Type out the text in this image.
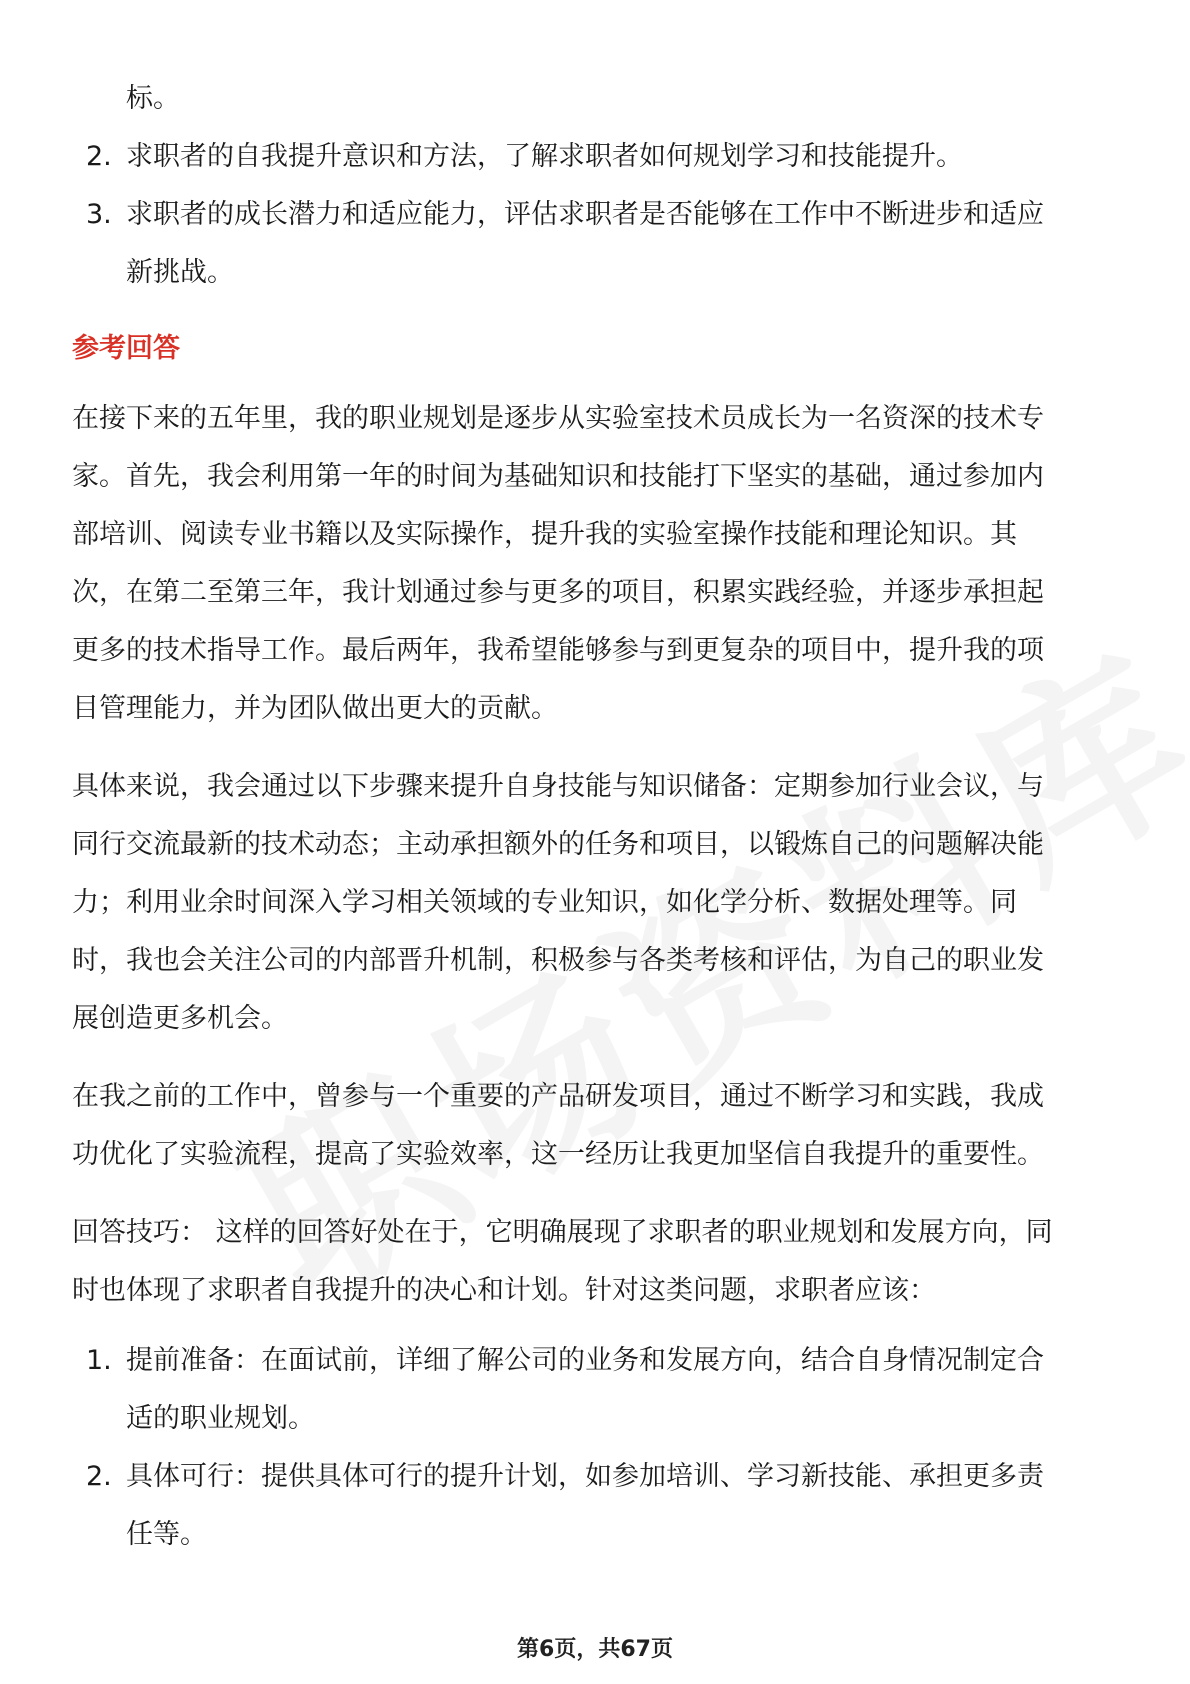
标。
2. 求职者的自我提升意识和方法，了解求职者如何规划学习和技能提升。
3. 求职者的成长潜力和适应能力，评估求职者是否能够在工作中不断进步和适应
新挑战。
参考回答
在接下来的五年里，我的职业规划是逐步从实验室技术员成长为一名资深的技术专
家。首先，我会利用第一年的时间为基础知识和技能打下坚实的基础，通过参加内
部培训、阅读专业书籍以及实际操作，提升我的实验室操作技能和理论知识。其
次，在第二至第三年，我计划通过参与更多的项目，积累实践经验，并逐步承担起
更多的技术指导工作。最后两年，我希望能够参与到更复杂的项目中，提升我的项
目管理能力，并为团队做出更大的贡献。
具体来说，我会通过以下步骤来提升自身技能与知识储备：定期参加行业会议，与
同行交流最新的技术动态；主动承担额外的任务和项目，以锻炼自己的问题解决能
力；利用业余时间深入学习相关领域的专业知识，如化学分析、数据处理等。同
时，我也会关注公司的内部晋升机制，积极参与各类考核和评估，为自己的职业发
展创造更多机会。
在我之前的工作中，曾参与一个重要的产品研发项目，通过不断学习和实践，我成
功优化了实验流程，提高了实验效率，这一经历让我更加坚信自我提升的重要性。
回答技巧： 这样的回答好处在于，它明确展现了求职者的职业规划和发展方向，同
时也体现了求职者自我提升的决心和计划。针对这类问题，求职者应该：
1. 提前准备：在面试前，详细了解公司的业务和发展方向，结合自身情况制定合
适的职业规划。
2. 具体可行：提供具体可行的提升计划，如参加培训、学习新技能、承担更多责
任等。
第6页，共67页
